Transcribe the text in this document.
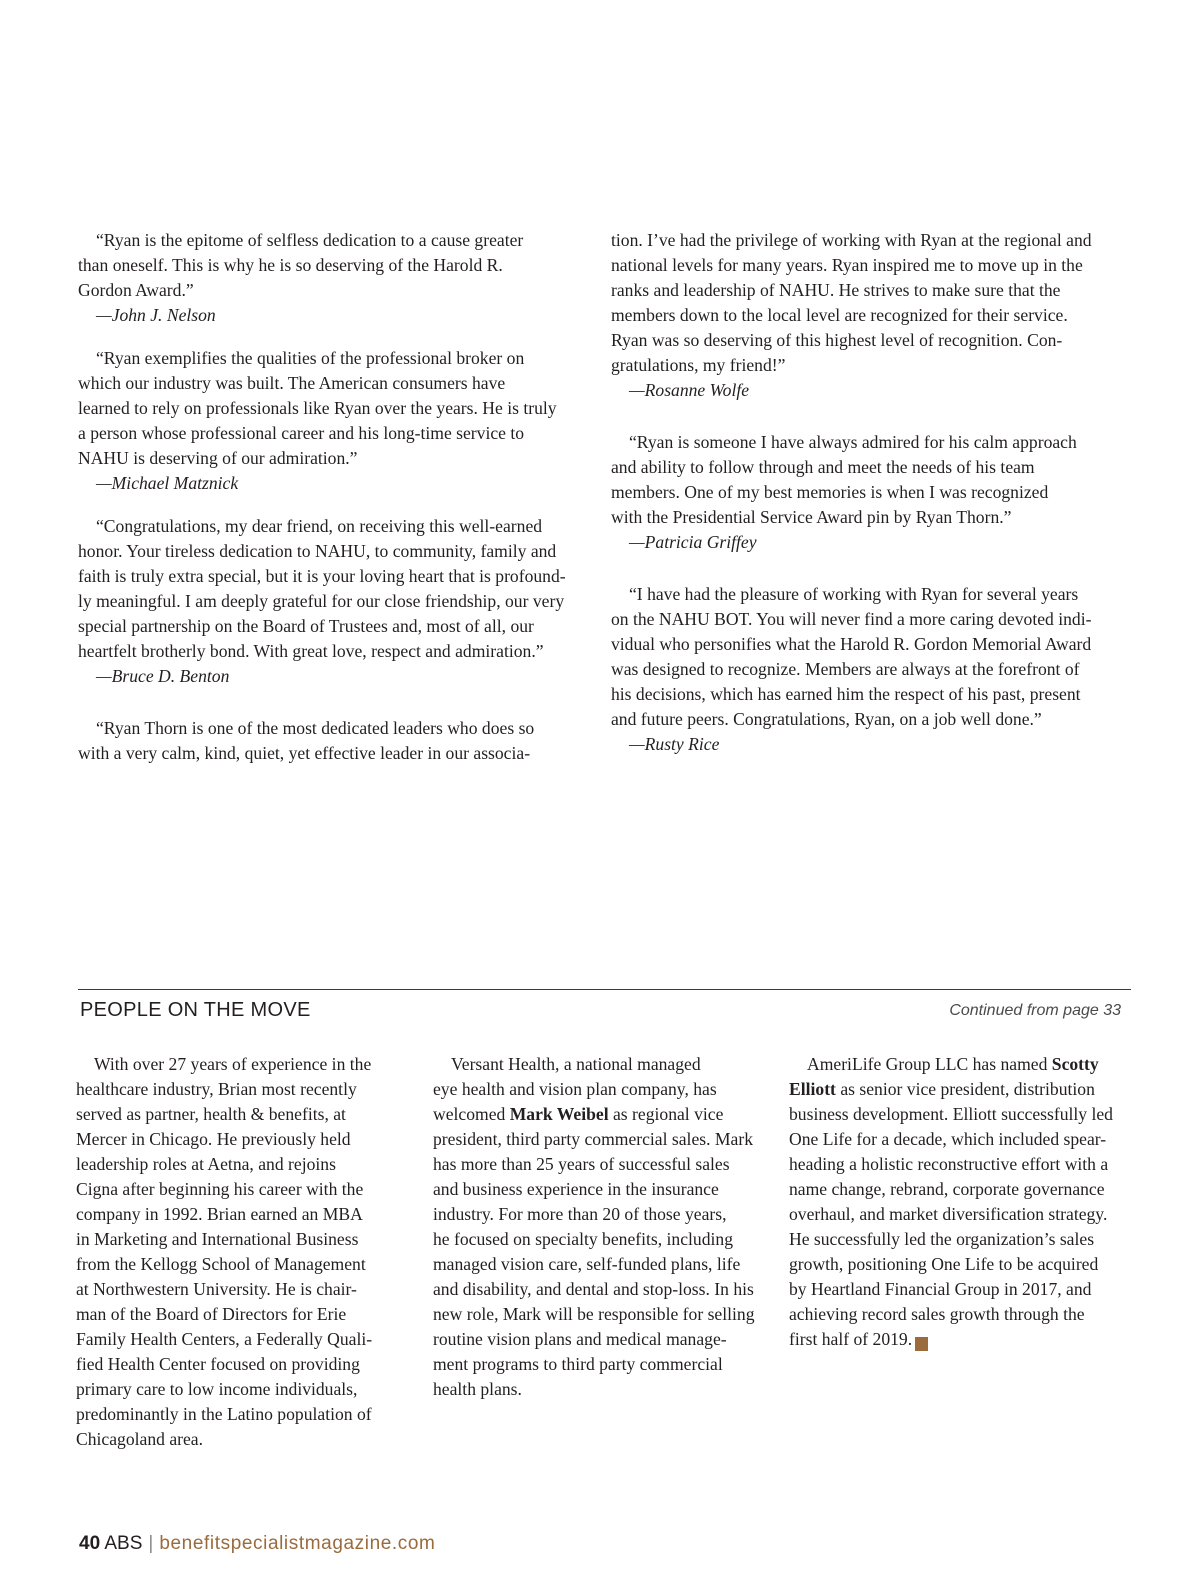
“Ryan is the epitome of selfless dedication to a cause greater
than oneself. This is why he is so deserving of the Harold R.
Gordon Award.”

—John J. Nelson

“Ryan exemplifies the qualities of the professional broker on
which our industry was built. The American consumers have
learned to rely on professionals like Ryan over the years. He is truly
a person whose professional career and his long-time service to
NAHU is deserving of our admiration.”

—Michael Matznick

“Congratulations, my dear friend, on receiving this well-earned
honor. Your tireless dedication to NAHU, to community, family and
faith is truly extra special, but it is your loving heart that is profound-
ly meaningful. I am deeply grateful for our close friendship, our very
special partnership on the Board of Trustees and, most of all, our
heartfelt brotherly bond. With great love, respect and admiration.”

—Bruce D. Benton

“Ryan Thorn is one of the most dedicated leaders who does so
with a very calm, kind, quiet, yet effective leader in our associa-

tion. I’ve had the privilege of working with Ryan at the regional and
national levels for many years. Ryan inspired me to move up in the
ranks and leadership of NAHU. He strives to make sure that the
members down to the local level are recognized for their service.
Ryan was so deserving of this highest level of recognition. Con-
gratulations, my friend!”

—Rosanne Wolfe

“Ryan is someone I have always admired for his calm approach
and ability to follow through and meet the needs of his team
members. One of my best memories is when I was recognized
with the Presidential Service Award pin by Ryan Thorn.”

—Patricia Griffey

“I have had the pleasure of working with Ryan for several years
on the NAHU BOT. You will never find a more caring devoted indi-
vidual who personifies what the Harold R. Gordon Memorial Award
was designed to recognize. Members are always at the forefront of
his decisions, which has earned him the respect of his past, present
and future peers. Congratulations, Ryan, on a job well done.”

—Rusty Rice

PEOPLE ON THE MOVE	Continued from page 33

With over 27 years of experience in the
healthcare industry, Brian most recently
served as partner, health & benefits, at
Mercer in Chicago. He previously held
leadership roles at Aetna, and rejoins
Cigna after beginning his career with the
company in 1992. Brian earned an MBA
in Marketing and International Business
from the Kellogg School of Management
at Northwestern University. He is chair-
man of the Board of Directors for Erie
Family Health Centers, a Federally Quali-
fied Health Center focused on providing
primary care to low income individuals,
predominantly in the Latino population of
Chicagoland area.

Versant Health, a national managed
eye health and vision plan company, has
welcomed Mark Weibel as regional vice
president, third party commercial sales. Mark
has more than 25 years of successful sales
and business experience in the insurance
industry. For more than 20 of those years,
he focused on specialty benefits, including
managed vision care, self-funded plans, life
and disability, and dental and stop-loss. In his
new role, Mark will be responsible for selling
routine vision plans and medical manage-
ment programs to third party commercial
health plans.

AmeriLife Group LLC has named Scotty
Elliott as senior vice president, distribution
business development. Elliott successfully led
One Life for a decade, which included spear-
heading a holistic reconstructive effort with a
name change, rebrand, corporate governance
overhaul, and market diversification strategy.
He successfully led the organization’s sales
growth, positioning One Life to be acquired
by Heartland Financial Group in 2017, and
achieving record sales growth through the
first half of 2019.	ABS

40 ABS | benefitspecialistmagazine.com
